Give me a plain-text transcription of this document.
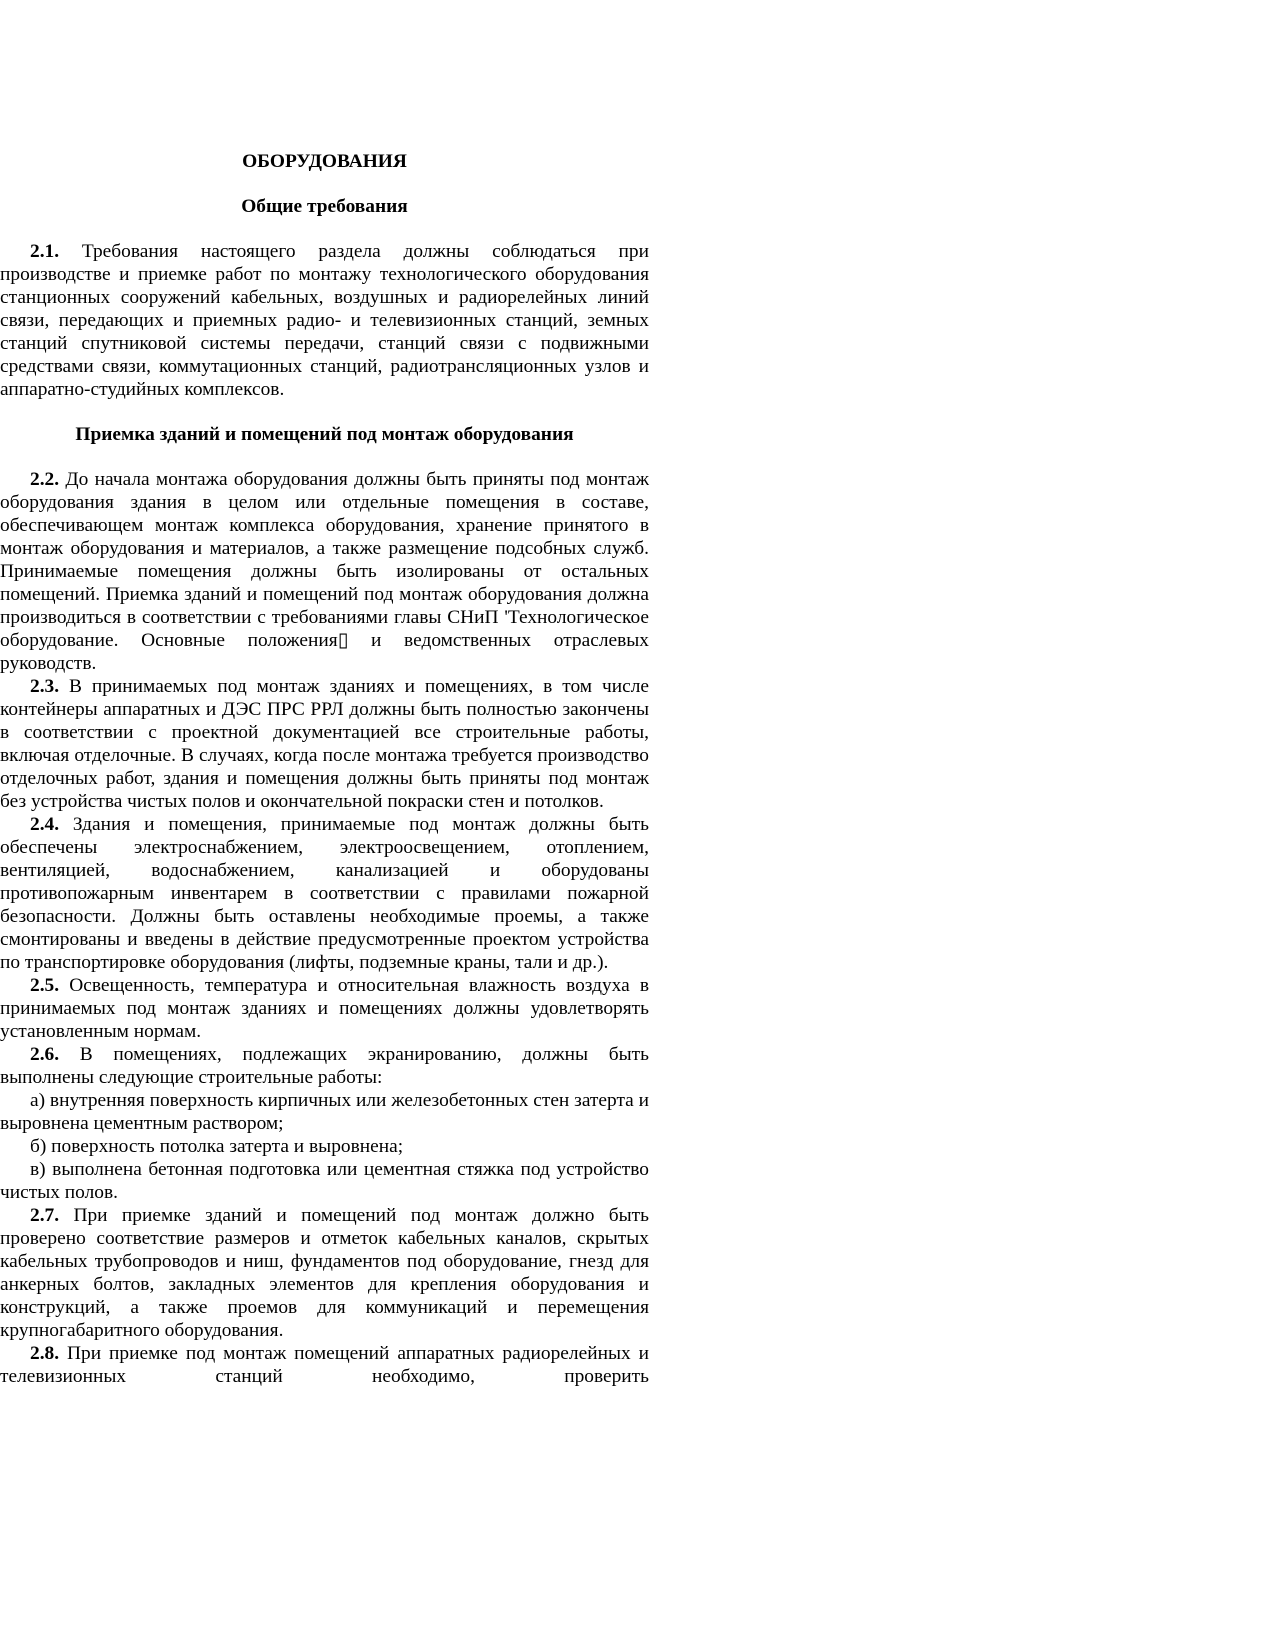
ОБОРУДОВАНИЯ

Общие требования

2.1. Требования настоящего раздела должны соблюдаться при производстве и приемке работ по монтажу технологического оборудования станционных сооружений кабельных, воздушных и радиорелейных линий связи, передающих и приемных радио- и телевизионных станций, земных станций спутниковой системы передачи, станций связи с подвижными средствами связи, коммутационных станций, радиотрансляционных узлов и аппаратно-студийных комплексов.

Приемка зданий и помещений под монтаж оборудования

2.2. До начала монтажа оборудования должны быть приняты под монтаж оборудования здания в целом или отдельные помещения в составе, обеспечивающем монтаж комплекса оборудования, хранение принятого в монтаж оборудования и материалов, а также размещение подсобных служб. Принимаемые помещения должны быть изолированы от остальных помещений. Приемка зданий и помещений под монтаж оборудования должна производиться в соответствии с требованиями главы СНиП 'Технологическое оборудование. Основные положения▯ и ведомственных отраслевых руководств.

2.3. В принимаемых под монтаж зданиях и помещениях, в том числе контейнеры аппаратных и ДЭС ПРС РРЛ должны быть полностью закончены в соответствии с проектной документацией все строительные работы, включая отделочные. В случаях, когда после монтажа требуется производство отделочных работ, здания и помещения должны быть приняты под монтаж без устройства чистых полов и окончательной покраски стен и потолков.

2.4. Здания и помещения, принимаемые под монтаж должны быть обеспечены электроснабжением, электроосвещением, отоплением, вентиляцией, водоснабжением, канализацией и оборудованы противопожарным инвентарем в соответствии с правилами пожарной безопасности. Должны быть оставлены необходимые проемы, а также смонтированы и введены в действие предусмотренные проектом устройства по транспортировке оборудования (лифты, подземные краны, тали и др.).

2.5. Освещенность, температура и относительная влажность воздуха в принимаемых под монтаж зданиях и помещениях должны удовлетворять установленным нормам.

2.6. В помещениях, подлежащих экранированию, должны быть выполнены следующие строительные работы:

а) внутренняя поверхность кирпичных или железобетонных стен затерта и выровнена цементным раствором;

б) поверхность потолка затерта и выровнена;

в) выполнена бетонная подготовка или цементная стяжка под устройство чистых полов.

2.7. При приемке зданий и помещений под монтаж должно быть проверено соответствие размеров и отметок кабельных каналов, скрытых кабельных трубопроводов и ниш, фундаментов под оборудование, гнезд для анкерных болтов, закладных элементов для крепления оборудования и конструкций, а также проемов для коммуникаций и перемещения крупногабаритного оборудования.

2.8. При приемке под монтаж помещений аппаратных радиорелейных и телевизионных станций необходимо, проверить
